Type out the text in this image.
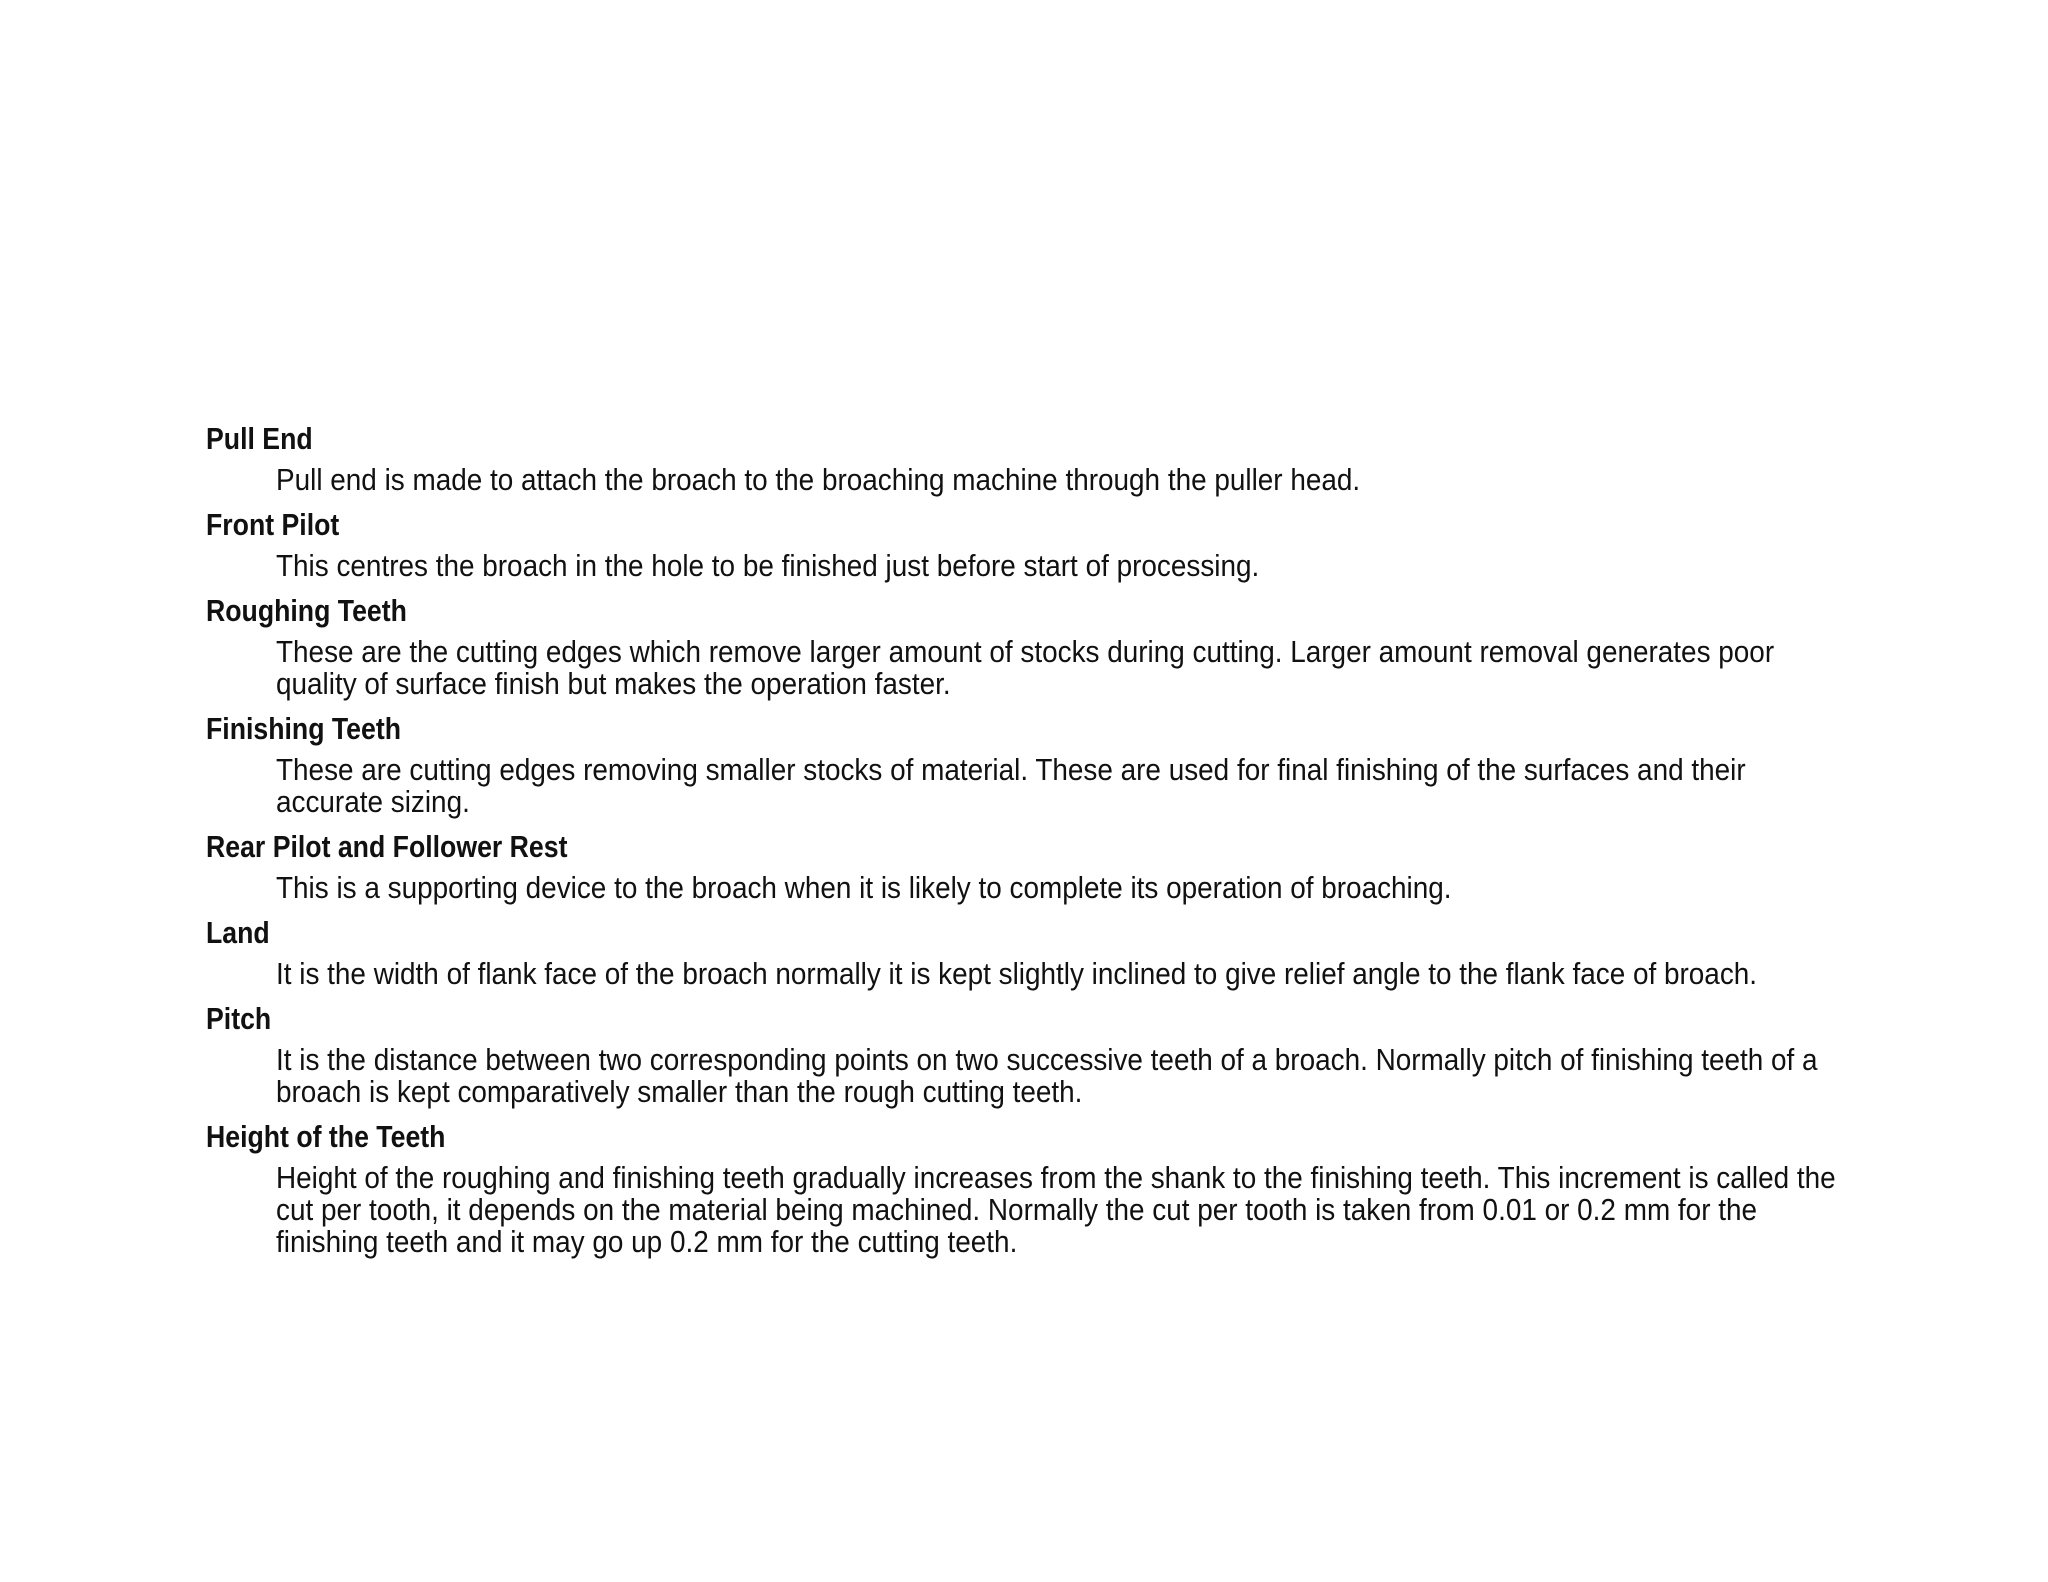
Pull End
Pull end is made to attach the broach to the broaching machine through the puller head.
Front Pilot
This centres the broach in the hole to be finished just before start of processing.
Roughing Teeth
These are the cutting edges which remove larger amount of stocks during cutting. Larger amount removal generates poor quality of surface finish but makes the operation faster.
Finishing Teeth
These are cutting edges removing smaller stocks of material. These are used for final finishing of the surfaces and their accurate sizing.
Rear Pilot and Follower Rest
This is a supporting device to the broach when it is likely to complete its operation of broaching.
Land
It is the width of flank face of the broach normally it is kept slightly inclined to give relief angle to the flank face of broach.
Pitch
It is the distance between two corresponding points on two successive teeth of a broach. Normally pitch of finishing teeth of a broach is kept comparatively smaller than the rough cutting teeth.
Height of the Teeth
Height of the roughing and finishing teeth gradually increases from the shank to the finishing teeth. This increment is called the cut per tooth, it depends on the material being machined. Normally the cut per tooth is taken from 0.01 or 0.2 mm for the finishing teeth and it may go up 0.2 mm for the cutting teeth.
